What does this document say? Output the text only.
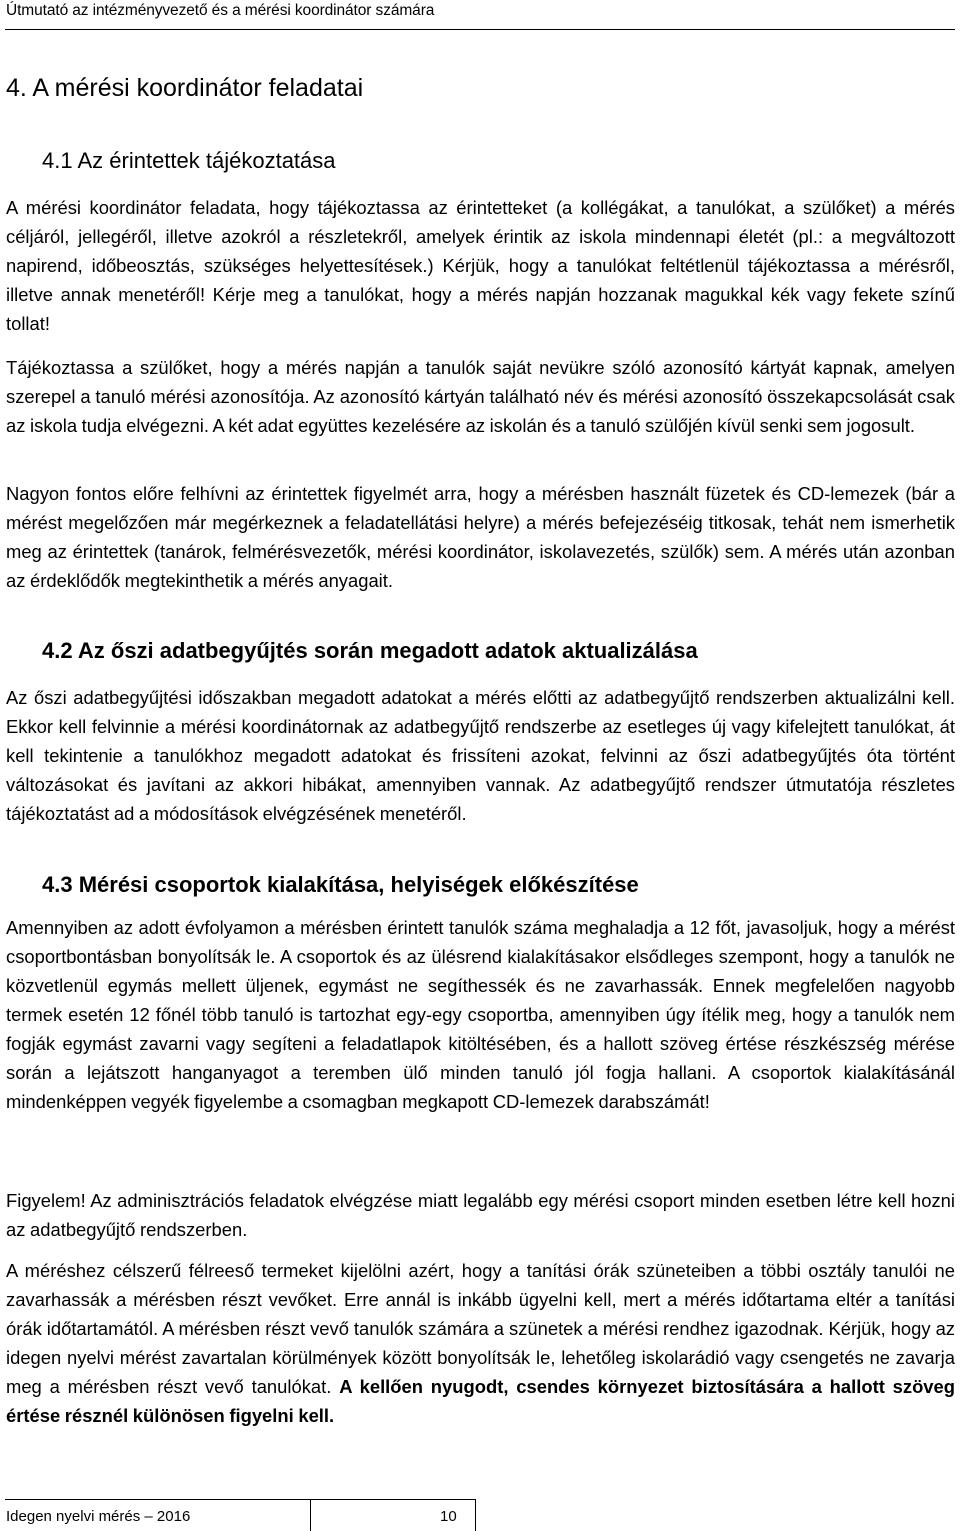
Útmutató az intézményvezető és a mérési koordinátor számára
4. A mérési koordinátor feladatai
4.1 Az érintettek tájékoztatása

A mérési koordinátor feladata, hogy tájékoztassa az érintetteket (a kollégákat, a tanulókat, a szülőket) a mérés céljáról, jellegéről, illetve azokról a részletekről, amelyek érintik az iskola mindennapi életét (pl.: a megváltozott napirend, időbeosztás, szükséges helyettesítések.) Kérjük, hogy a tanulókat feltétlenül tájékoztassa a mérésről, illetve annak menetéről! Kérje meg a tanulókat, hogy a mérés napján hozzanak magukkal kék vagy fekete színű tollat!

Tájékoztassa a szülőket, hogy a mérés napján a tanulók saját nevükre szóló azonosító kártyát kapnak, amelyen szerepel a tanuló mérési azonosítója. Az azonosító kártyán található név és mérési azonosító összekapcsolását csak az iskola tudja elvégezni. A két adat együttes kezelésére az iskolán és a tanuló szülőjén kívül senki sem jogosult.

Nagyon fontos előre felhívni az érintettek figyelmét arra, hogy a mérésben használt füzetek és CD-lemezek (bár a mérést megelőzően már megérkeznek a feladatellátási helyre) a mérés befejezéséig titkosak, tehát nem ismerhetik meg az érintettek (tanárok, felmérésvezetők, mérési koordinátor, iskolavezetés, szülők) sem. A mérés után azonban az érdeklődők megtekinthetik a mérés anyagait.

4.2 Az őszi adatbegyűjtés során megadott adatok aktualizálása

Az őszi adatbegyűjtési időszakban megadott adatokat a mérés előtti az adatbegyűjtő rendszerben aktualizálni kell. Ekkor kell felvinnie a mérési koordinátornak az adatbegyűjtő rendszerbe az esetleges új vagy kifelejtett tanulókat, át kell tekintenie a tanulókhoz megadott adatokat és frissíteni azokat, felvinni az őszi adatbegyűjtés óta történt változásokat és javítani az akkori hibákat, amennyiben vannak. Az adatbegyűjtő rendszer útmutatója részletes tájékoztatást ad a módosítások elvégzésének menetéről.

4.3 Mérési csoportok kialakítása, helyiségek előkészítése

Amennyiben az adott évfolyamon a mérésben érintett tanulók száma meghaladja a 12 főt, javasoljuk, hogy a mérést csoportbontásban bonyolítsák le. A csoportok és az ülésrend kialakításakor elsődleges szempont, hogy a tanulók ne közvetlenül egymás mellett üljenek, egymást ne segíthessék és ne zavarhassák. Ennek megfelelően nagyobb termek esetén 12 főnél több tanuló is tartozhat egy-egy csoportba, amennyiben úgy ítélik meg, hogy a tanulók nem fogják egymást zavarni vagy segíteni a feladatlapok kitöltésében, és a hallott szöveg értése részkészség mérése során a lejátszott hanganyagot a teremben ülő minden tanuló jól fogja hallani. A csoportok kialakításánál mindenképpen vegyék figyelembe a csomagban megkapott CD-lemezek darabszámát!

Figyelem! Az adminisztrációs feladatok elvégzése miatt legalább egy mérési csoport minden esetben létre kell hozni az adatbegyűjtő rendszerben.

A méréshez célszerű félreeső termeket kijelölni azért, hogy a tanítási órák szüneteiben a többi osztály tanulói ne zavarhassák a mérésben részt vevőket. Erre annál is inkább ügyelni kell, mert a mérés időtartama eltér a tanítási órák időtartamától. A mérésben részt vevő tanulók számára a szünetek a mérési rendhez igazodnak. Kérjük, hogy az idegen nyelvi mérést zavartalan körülmények között bonyolítsák le, lehetőleg iskolarádió vagy csengetés ne zavarja meg a mérésben részt vevő tanulókat. A kellően nyugodt, csendes környezet biztosítására a hallott szöveg értése résznél különösen figyelni kell.

Idegen nyelvi mérés – 2016	10
